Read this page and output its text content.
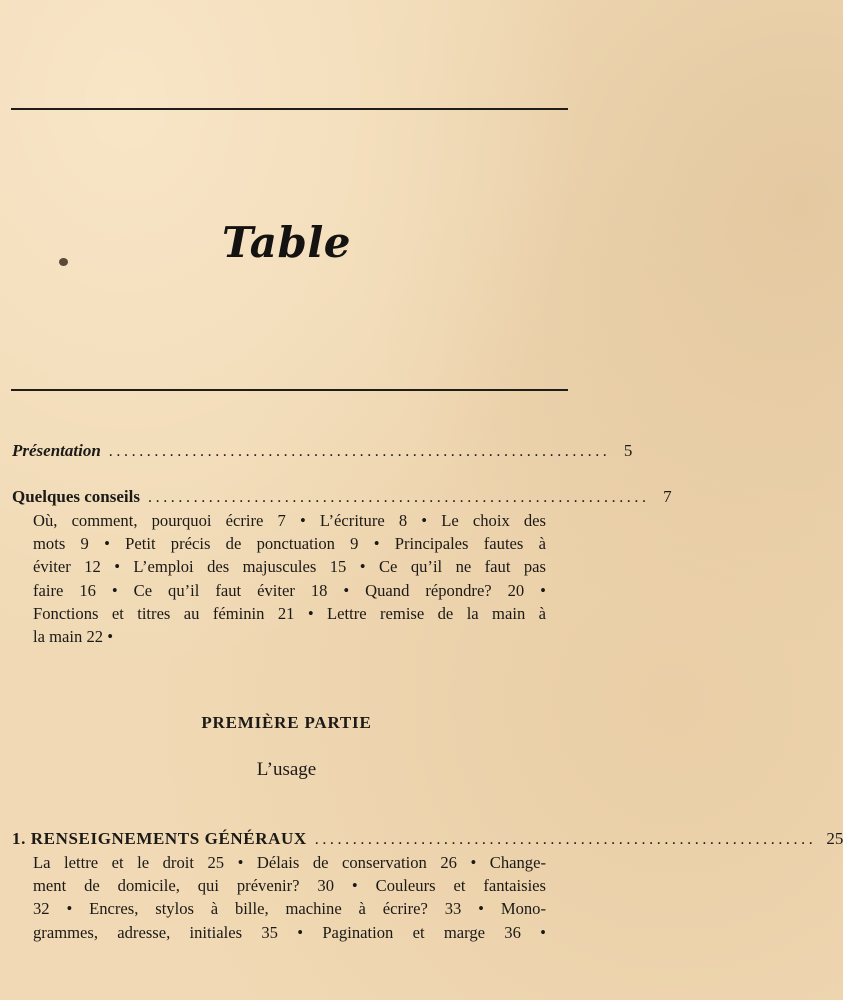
Table
Présentation .................................................................. 5
Quelques conseils .................................................................. 7
Où, comment, pourquoi écrire 7 • L’écriture 8 • Le choix des
mots 9 • Petit précis de ponctuation 9 • Principales fautes à
éviter 12 • L’emploi des majuscules 15 • Ce qu’il ne faut pas
faire 16 • Ce qu’il faut éviter 18 • Quand répondre? 20 •
Fonctions et titres au féminin 21 • Lettre remise de la main à
la main 22 •
PREMIÈRE PARTIE
L’usage
1. RENSEIGNEMENTS GÉNÉRAUX .................................................................. 25
La lettre et le droit 25 • Délais de conservation 26 • Change-
ment de domicile, qui prévenir? 30 • Couleurs et fantaisies
32 • Encres, stylos à bille, machine à écrire? 33 • Mono-
grammes, adresse, initiales 35 • Pagination et marge 36 •
